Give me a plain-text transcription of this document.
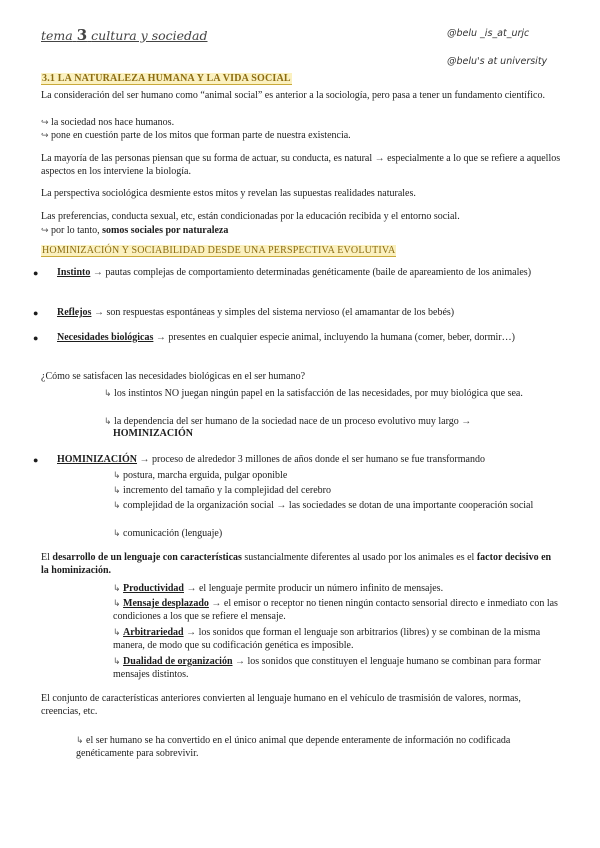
tema 3 cultura y sociedad	@belu _is_at_urjc
@belu's at university
3.1 LA NATURALEZA HUMANA Y LA VIDA SOCIAL
La consideración del ser humano como “animal social” es anterior a la sociología, pero pasa a tener un fundamento científico.
↪ la sociedad nos hace humanos.
↪ pone en cuestión parte de los mitos que forman parte de nuestra existencia.
La mayoría de las personas piensan que su forma de actuar, su conducta, es natural → especialmente a lo que se refiere a aquellos aspectos en los interviene la biología.
La perspectiva sociológica desmiente estos mitos y revelan las supuestas realidades naturales.
Las preferencias, conducta sexual, etc, están condicionadas por la educación recibida y el entorno social.
↪ por lo tanto, somos sociales por naturaleza
HOMINIZACIÓN Y SOCIABILIDAD DESDE UNA PERSPECTIVA EVOLUTIVA
● Instinto → pautas complejas de comportamiento determinadas genéticamente (baile de apareamiento de los animales)
● Reflejos → son respuestas espontáneas y simples del sistema nervioso (el amamantar de los bebés)
● Necesidades biológicas → presentes en cualquier especie animal, incluyendo la humana (comer, beber, dormir…)
¿Cómo se satisfacen las necesidades biológicas en el ser humano?
↳ los instintos NO juegan ningún papel en la satisfacción de las necesidades, por muy biológica que sea.
↳ la dependencia del ser humano de la sociedad nace de un proceso evolutivo muy largo →
HOMINIZACIÓN
● HOMINIZACIÓN → proceso de alrededor 3 millones de años donde el ser humano se fue transformando
↳ postura, marcha erguida, pulgar oponible
↳ incremento del tamaño y la complejidad del cerebro
↳ complejidad de la organización social → las sociedades se dotan de una importante cooperación social
↳ comunicación (lenguaje)
El desarrollo de un lenguaje con características sustancialmente diferentes al usado por los animales es el factor decisivo en la hominización.
↳ Productividad → el lenguaje permite producir un número infinito de mensajes.
↳ Mensaje desplazado → el emisor o receptor no tienen ningún contacto sensorial directo e inmediato con las condiciones a los que se refiere el mensaje.
↳ Arbitrariedad → los sonidos que forman el lenguaje son arbitrarios (libres) y se combinan de la misma manera, de modo que su codificación genética es imposible.
↳ Dualidad de organización → los sonidos que constituyen el lenguaje humano se combinan para formar mensajes distintos.
El conjunto de características anteriores convierten al lenguaje humano en el vehículo de trasmisión de valores, normas, creencias, etc.
↳ el ser humano se ha convertido en el único animal que depende enteramente de información no codificada genéticamente para sobrevivir.
